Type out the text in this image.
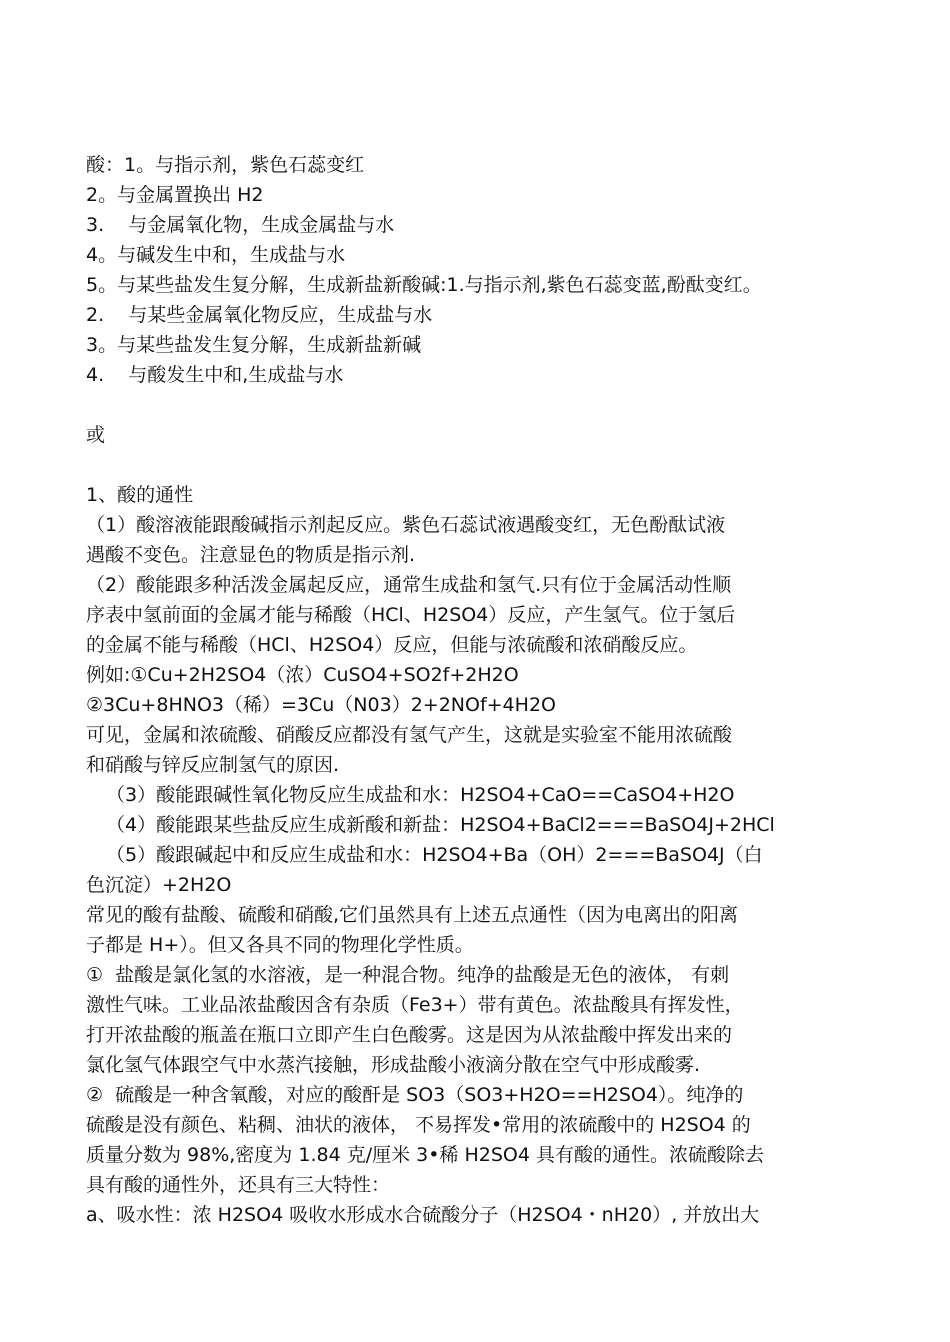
酸：1。与指示剂，紫色石蕊变红
2。与金属置换出 H2
3.    与金属氧化物，生成金属盐与水
4。与碱发生中和，生成盐与水
5。与某些盐发生复分解，生成新盐新酸碱:1.与指示剂,紫色石蕊变蓝,酚酞变红。
2.    与某些金属氧化物反应，生成盐与水
3。与某些盐发生复分解，生成新盐新碱
4.    与酸发生中和,生成盐与水
或
1、酸的通性
（1）酸溶液能跟酸碱指示剂起反应。紫色石蕊试液遇酸变红，无色酚酞试液
遇酸不变色。注意显色的物质是指示剂.
（2）酸能跟多种活泼金属起反应，通常生成盐和氢气.只有位于金属活动性顺
序表中氢前面的金属才能与稀酸（HCl、H2SO4）反应，产生氢气。位于氢后
的金属不能与稀酸（HCl、H2SO4）反应，但能与浓硫酸和浓硝酸反应。
例如:①Cu+2H2SO4（浓）CuSO4+SO2f+2H2O
②3Cu+8HNO3（稀）=3Cu（N03）2+2NOf+4H2O
可见，金属和浓硫酸、硝酸反应都没有氢气产生，这就是实验室不能用浓硫酸
和硝酸与锌反应制氢气的原因.
（3）酸能跟碱性氧化物反应生成盐和水：H2SO4+CaO==CaSO4+H2O
（4）酸能跟某些盐反应生成新酸和新盐：H2SO4+BaCl2===BaSO4J+2HCl
（5）酸跟碱起中和反应生成盐和水：H2SO4+Ba（OH）2===BaSO4J（白
色沉淀）+2H2O
常见的酸有盐酸、硫酸和硝酸,它们虽然具有上述五点通性（因为电离出的阳离
子都是 H+）。但又各具不同的物理化学性质。
①  盐酸是氯化氢的水溶液，是一种混合物。纯净的盐酸是无色的液体， 有刺
激性气味。工业品浓盐酸因含有杂质（Fe3+）带有黄色。浓盐酸具有挥发性，
打开浓盐酸的瓶盖在瓶口立即产生白色酸雾。这是因为从浓盐酸中挥发出来的
氯化氢气体跟空气中水蒸汽接触，形成盐酸小液滴分散在空气中形成酸雾.
②  硫酸是一种含氧酸，对应的酸酐是 SO3（SO3+H2O==H2SO4）。纯净的
硫酸是没有颜色、粘稠、油状的液体， 不易挥发•常用的浓硫酸中的 H2SO4 的
质量分数为 98%,密度为 1.84 克/厘米 3•稀 H2SO4 具有酸的通性。浓硫酸除去
具有酸的通性外，还具有三大特性：
a、吸水性：浓 H2SO4 吸收水形成水合硫酸分子（H2SO4・nH20）, 并放出大
